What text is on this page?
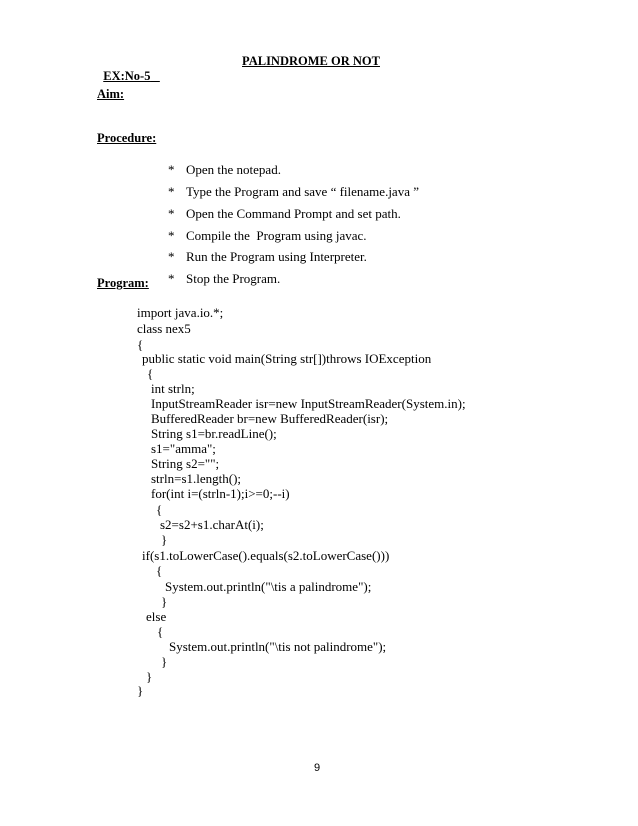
EX:No-5

PALINDROME OR NOT
Aim:
Procedure:

* Open the notepad.

* Type the Program and save “ filename.java ”

* Open the Command Prompt and set path.

* Compile the  Program using javac.

* Run the Program using Interpreter.

* Stop the Program.

Program:
import java.io.*;
class nex5
{
public static void main(String str[])throws IOException
{
int strln;
InputStreamReader isr=new InputStreamReader(System.in);
BufferedReader br=new BufferedReader(isr);
String s1=br.readLine();
s1="amma";
String s2="";
strln=s1.length();
for(int i=(strln-1);i>=0;--i)
{
s2=s2+s1.charAt(i);
}
if(s1.toLowerCase().equals(s2.toLowerCase()))
{
System.out.println("\tis a palindrome");
}
else
{
System.out.println("\tis not palindrome");
}
}
}
9
